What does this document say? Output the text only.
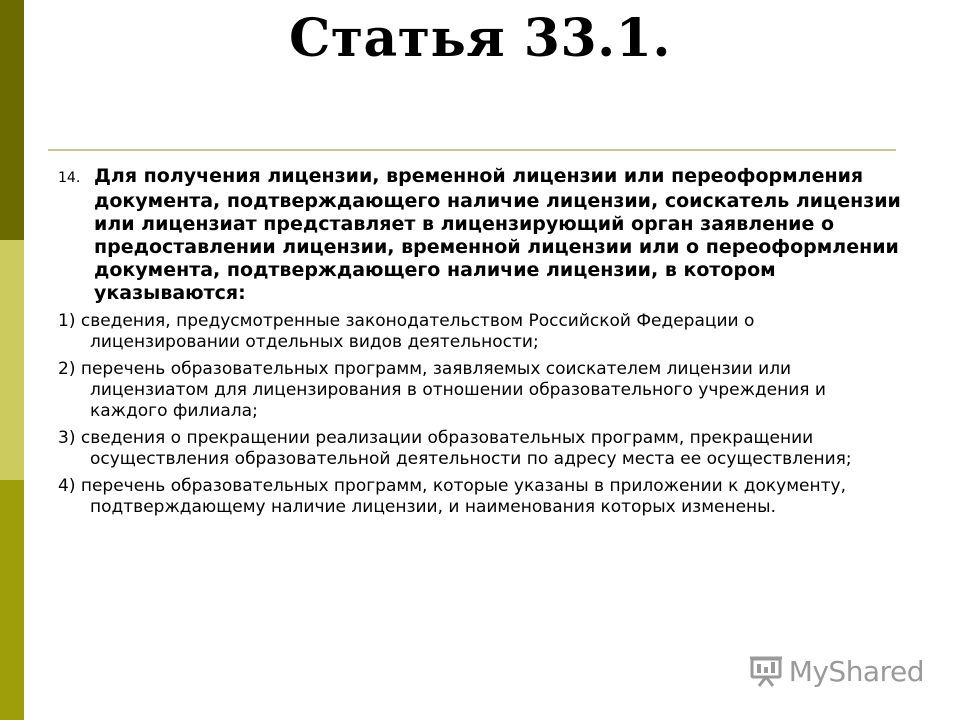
Статья 33.1.

14. Для получения лицензии, временной лицензии или переоформления документа, подтверждающего наличие лицензии, соискатель лицензии или лицензиат представляет в лицензирующий орган заявление о предоставлении лицензии, временной лицензии или о переоформлении документа, подтверждающего наличие лицензии, в котором указываются:

1) сведения, предусмотренные законодательством Российской Федерации о лицензировании отдельных видов деятельности;

2) перечень образовательных программ, заявляемых соискателем лицензии или лицензиатом для лицензирования в отношении образовательного учреждения и каждого филиала;

3) сведения о прекращении реализации образовательных программ, прекращении осуществления образовательной деятельности по адресу места ее осуществления;

4) перечень образовательных программ, которые указаны в приложении к документу, подтверждающему наличие лицензии, и наименования которых изменены.

MyShared
